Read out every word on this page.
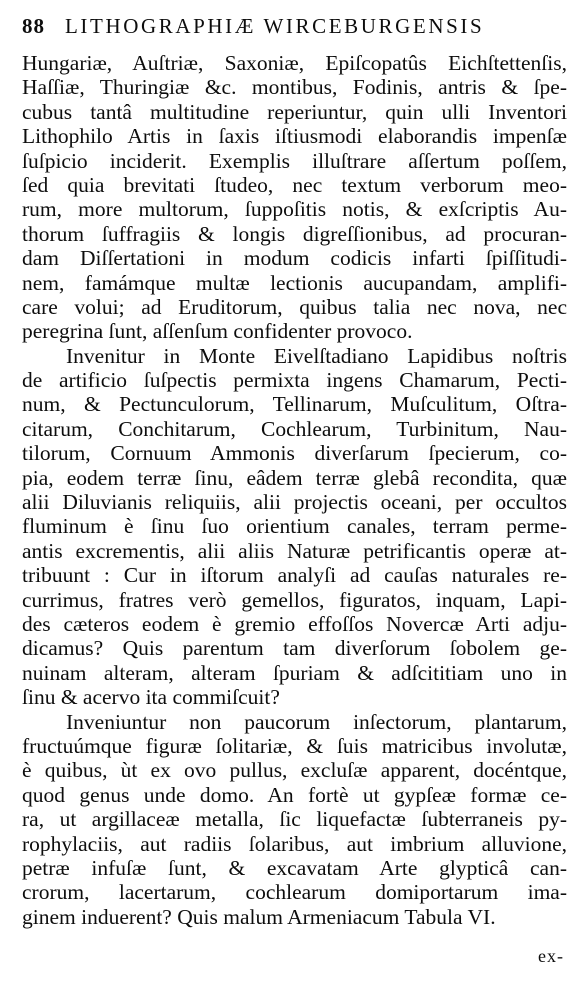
88 LITHOGRAPHIÆ WIRCEBURGENSIS
Hungariæ, Auſtriæ, Saxoniæ, Epiſcopatûs Eichſtettenſis,
Haſſiæ, Thuringiæ &c. montibus, Fodinis, antris & ſpe-
cubus tantâ multitudine reperiuntur, quin ulli Inventori
Lithophilo Artis in ſaxis iſtiusmodi elaborandis impenſæ
ſuſpicio inciderit. Exemplis illuſtrare aſſertum poſſem,
ſed quia brevitati ſtudeo, nec textum verborum meo-
rum, more multorum, ſuppoſitis notis, & exſcriptis Au-
thorum ſuffragiis & longis digreſſionibus, ad procuran-
dam Diſſertationi in modum codicis infarti ſpiſſitudi-
nem, famámque multæ lectionis aucupandam, amplifi-
care volui; ad Eruditorum, quibus talia nec nova, nec
peregrina ſunt, aſſenſum confidenter provoco.
Invenitur in Monte Eivelſtadiano Lapidibus noſtris
de artificio ſuſpectis permixta ingens Chamarum, Pecti-
num, & Pectunculorum, Tellinarum, Muſculitum, Oſtra-
citarum, Conchitarum, Cochlearum, Turbinitum, Nau-
tilorum, Cornuum Ammonis diverſarum ſpecierum, co-
pia, eodem terræ ſinu, eâdem terræ glebâ recondita, quæ
alii Diluvianis reliquiis, alii projectis oceani, per occultos
fluminum è ſinu ſuo orientium canales, terram perme-
antis excrementis, alii aliis Naturæ petrificantis operæ at-
tribuunt : Cur in iſtorum analyſi ad cauſas naturales re-
currimus, fratres verò gemellos, figuratos, inquam, Lapi-
des cæteros eodem è gremio effoſſos Novercæ Arti adju-
dicamus? Quis parentum tam diverſorum ſobolem ge-
nuinam alteram, alteram ſpuriam & adſcititiam uno in
ſinu & acervo ita commiſcuit?
Inveniuntur non paucorum inſectorum, plantarum,
fructuúmque figuræ ſolitariæ, & ſuis matricibus involutæ,
è quibus, ùt ex ovo pullus, excluſæ apparent, docéntque,
quod genus unde domo. An fortè ut gypſeæ formæ ce-
ra, ut argillaceæ metalla, ſic liquefactæ ſubterraneis py-
rophylaciis, aut radiis ſolaribus, aut imbrium alluvione,
petræ infuſæ ſunt, & excavatam Arte glypticâ can-
crorum, lacertarum, cochlearum domiportarum ima-
ginem induerent? Quis malum Armeniacum Tabula VI.
ex-
